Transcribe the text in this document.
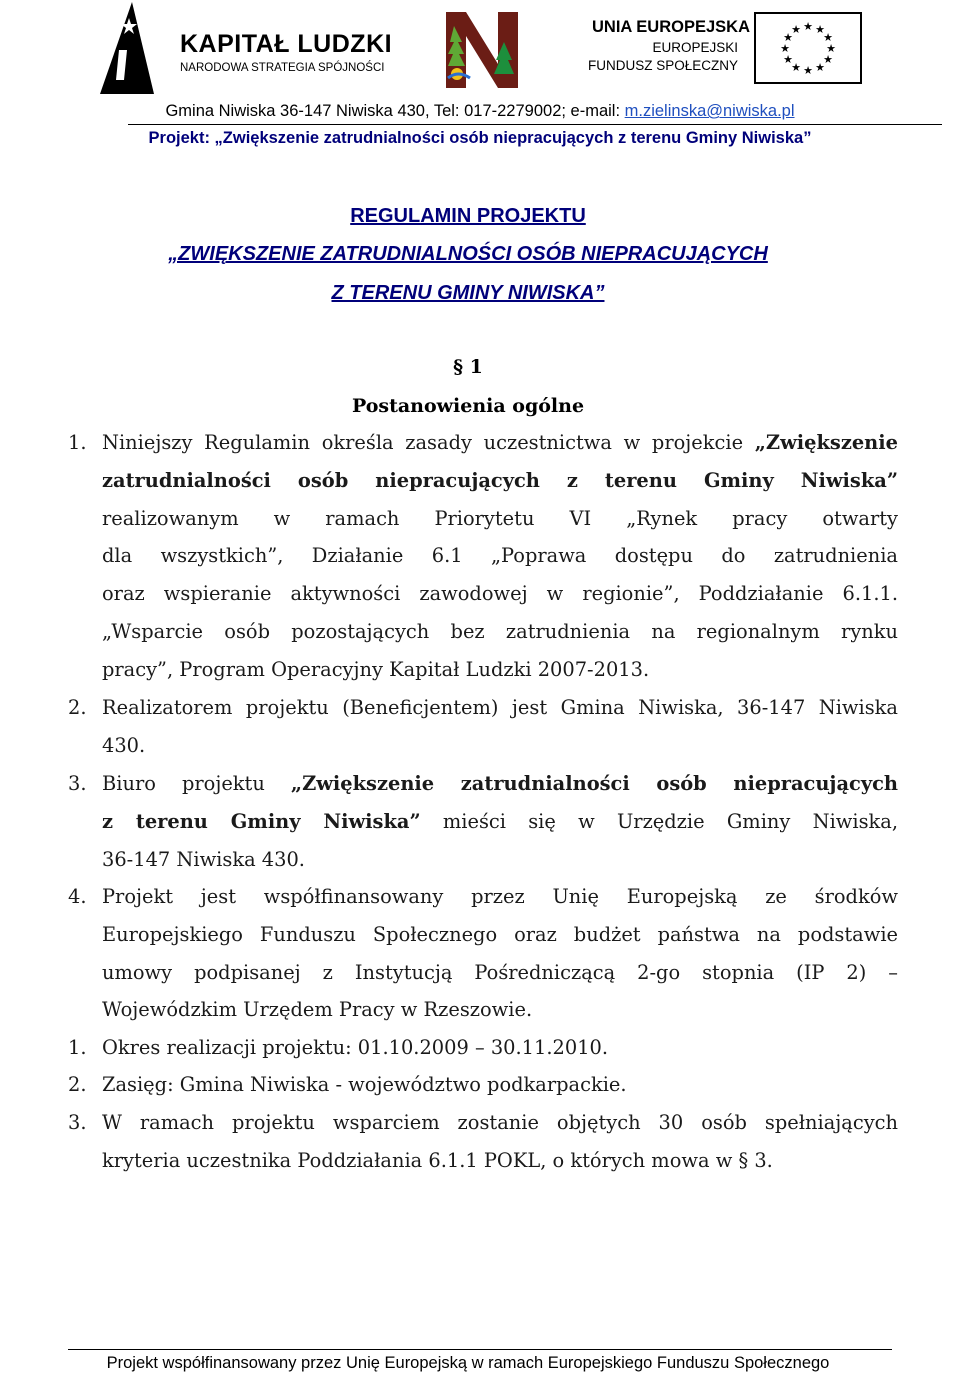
KAPITAŁ LUDZKI
NARODOWA STRATEGIA SPÓJNOŚCI
UNIA EUROPEJSKA
EUROPEJSKI
FUNDUSZ SPOŁECZNY
★ ★
★
★
★
★
★
★
★
★
★
★
Gmina Niwiska 36-147 Niwiska 430, Tel: 017-2279002; e-mail: m.zielinska@niwiska.pl
Projekt: „Zwiększenie zatrudnialności osób niepracujących z terenu Gminy Niwiska”
REGULAMIN PROJEKTU
„ZWIĘKSZENIE ZATRUDNIALNOŚCI OSÓB NIEPRACUJĄCYCH
Z TERENU GMINY NIWISKA”
§ 1
Postanowienia ogólne
1. Niniejszy Regulamin określa zasady uczestnictwa w projekcie „Zwiększenie
zatrudnialności osób niepracujących z terenu Gminy Niwiska”
realizowanym w ramach Priorytetu VI „Rynek pracy otwarty
dla wszystkich”, Działanie 6.1 „Poprawa dostępu do zatrudnienia
oraz wspieranie aktywności zawodowej w regionie”, Poddziałanie 6.1.1.
„Wsparcie osób pozostających bez zatrudnienia na regionalnym rynku
pracy”, Program Operacyjny Kapitał Ludzki 2007-2013.
2. Realizatorem projektu (Beneficjentem) jest Gmina Niwiska, 36-147 Niwiska
430.
3. Biuro projektu „Zwiększenie zatrudnialności osób niepracujących
z terenu Gminy Niwiska” mieści się w Urzędzie Gminy Niwiska,
36-147 Niwiska 430.
4. Projekt jest współfinansowany przez Unię Europejską ze środków
Europejskiego Funduszu Społecznego oraz budżet państwa na podstawie
umowy podpisanej z Instytucją Pośredniczącą 2-go stopnia (IP 2) –
Wojewódzkim Urzędem Pracy w Rzeszowie.
1. Okres realizacji projektu: 01.10.2009 – 30.11.2010.
2. Zasięg: Gmina Niwiska - województwo podkarpackie.
3. W ramach projektu wsparciem zostanie objętych 30 osób spełniających
kryteria uczestnika Poddziałania 6.1.1 POKL, o których mowa w § 3.
Projekt współfinansowany przez Unię Europejską w ramach Europejskiego Funduszu Społecznego
